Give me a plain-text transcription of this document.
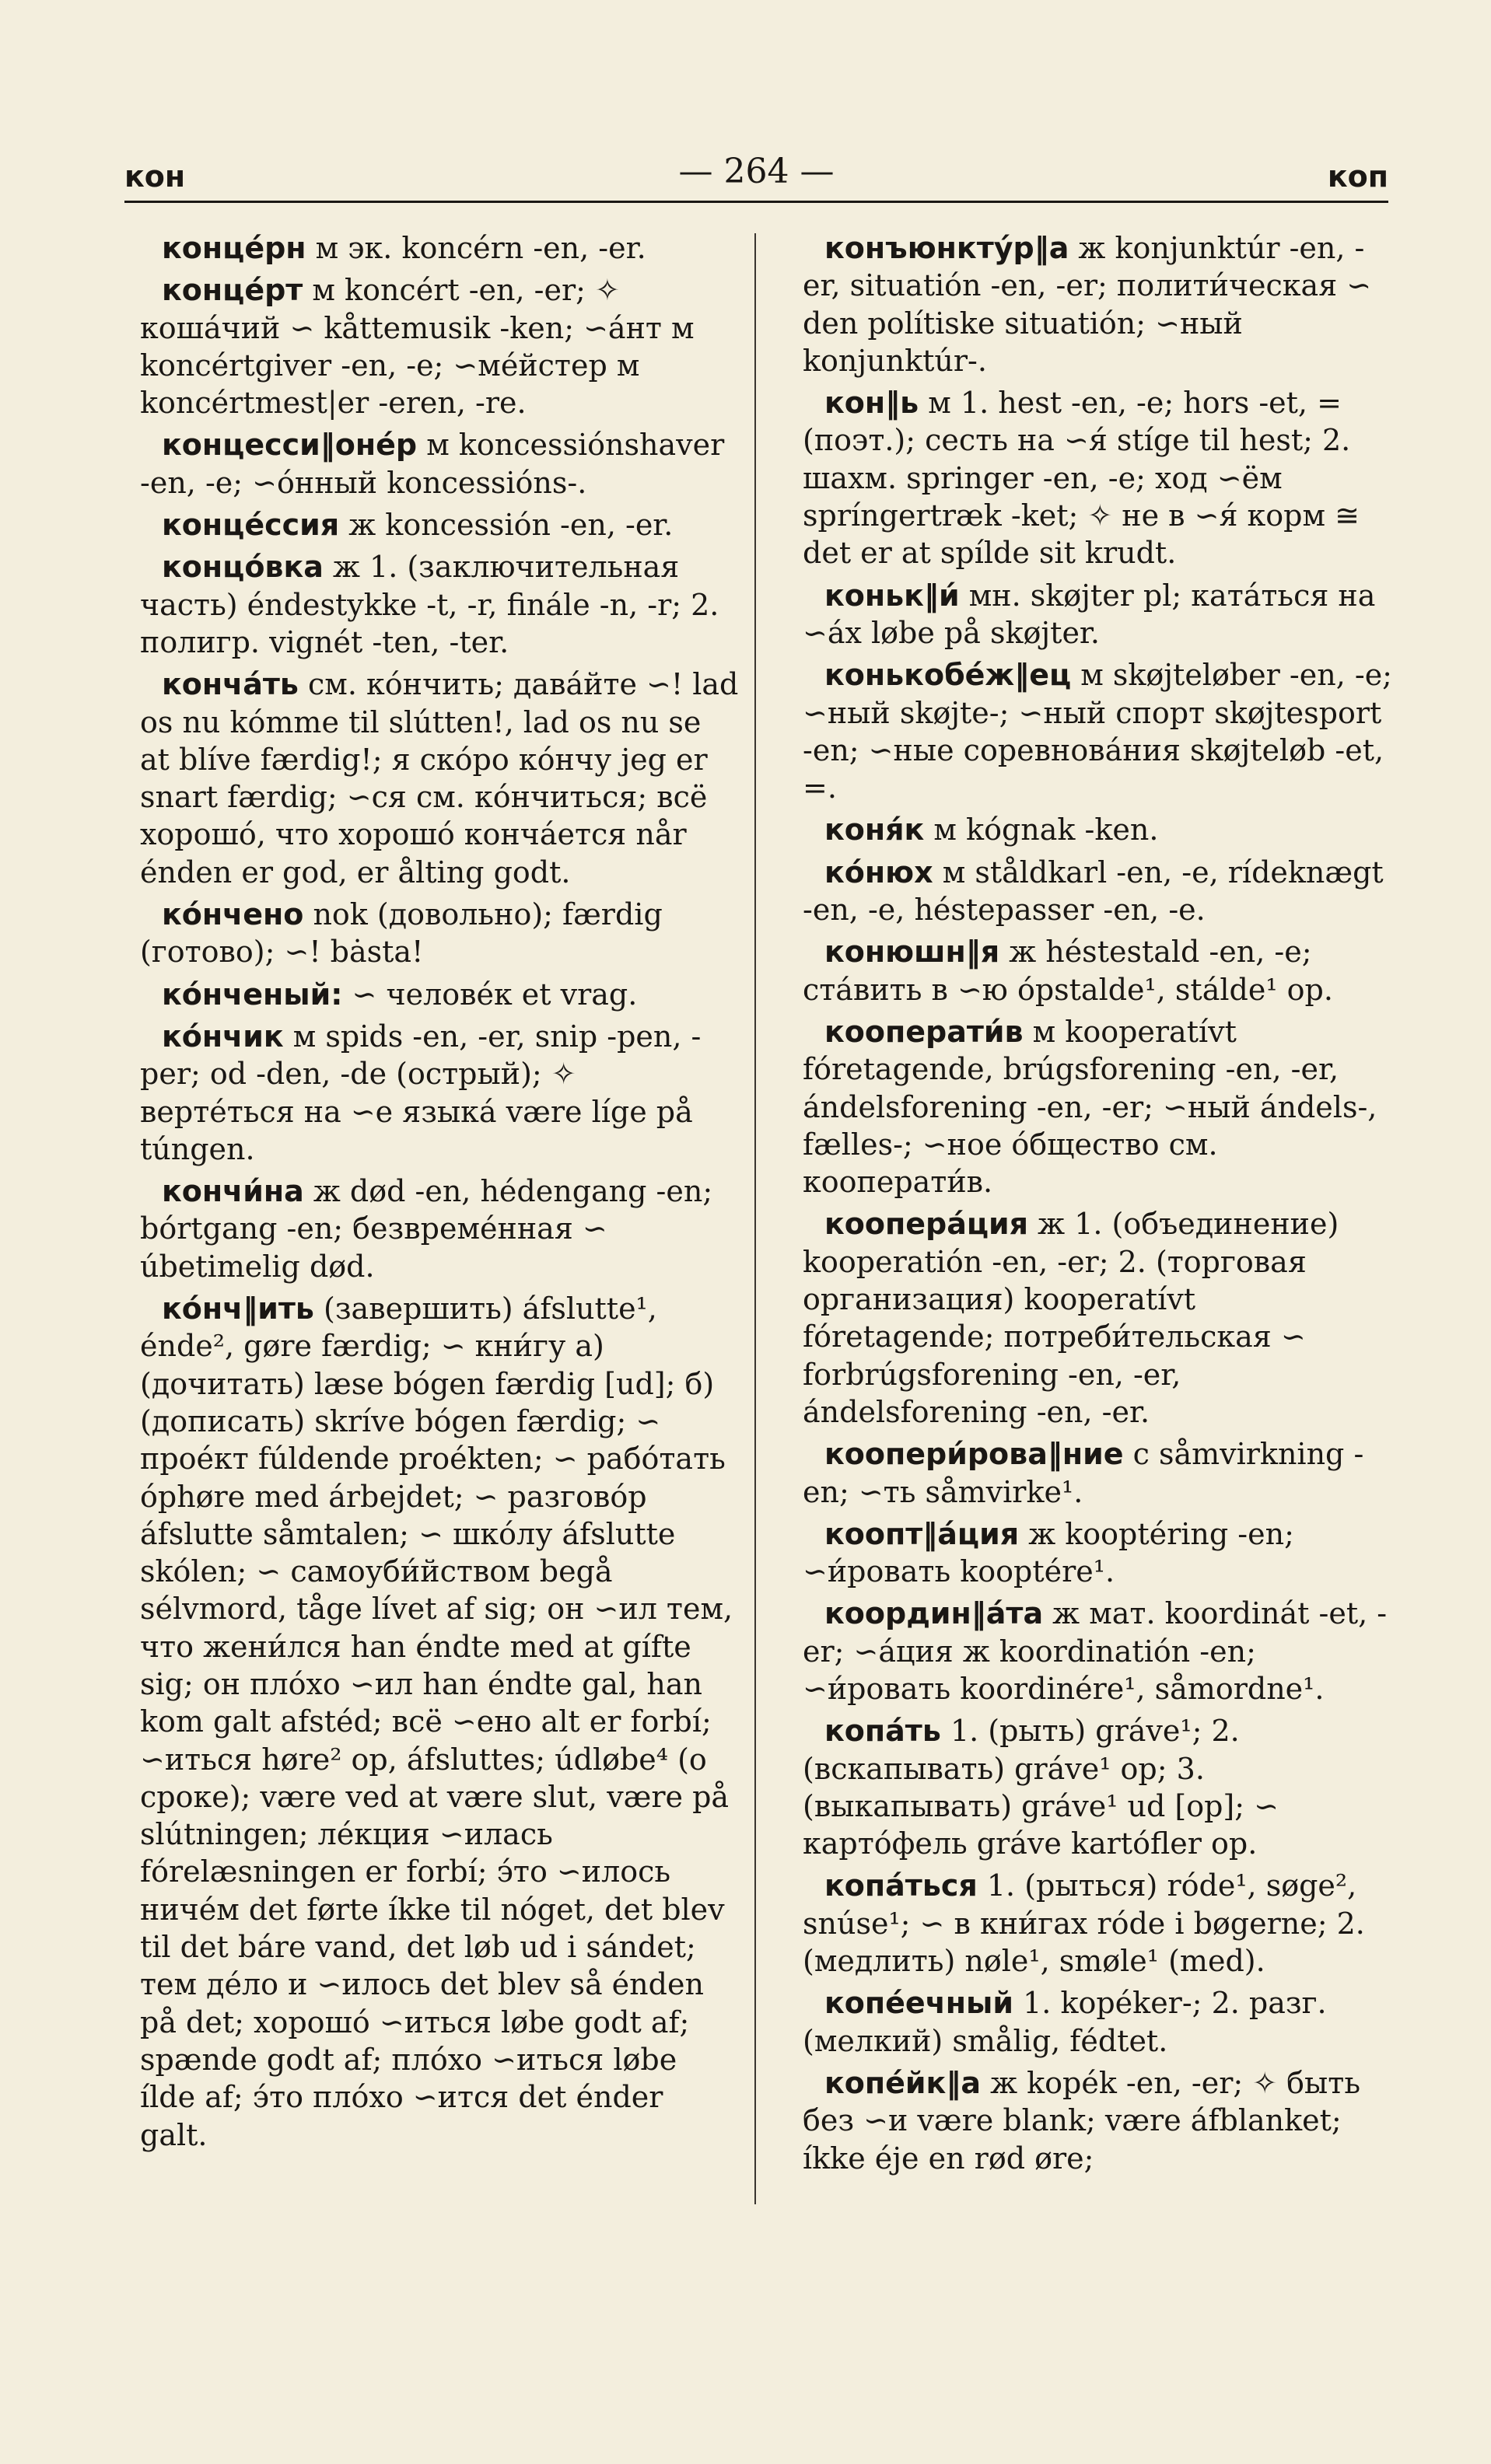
кон	— 264 —	коп

концéрн м эк. koncérn -en, -er.

концéрт м koncért -en, -er; ✧ кошáчий ∽ kåttemusik -ken; ∽áнт м koncértgiver -en, -e; ∽мéйстер м koncértmest|er -eren, -re.

концесси‖онéр м koncessiónshaver -en, -e; ∽óнный koncessións-.

концéссия ж koncessión -en, -er.

концóвка ж 1. (заключительная часть) éndestykke -t, -r, finále -n, -r; 2. полигр. vignét -ten, -ter.

кончáть см. кóнчить; давáйте ∽! lad os nu kómme til slútten!, lad os nu se at blíve færdig!; я скóро кóнчу jeg er snart færdig; ∽ся см. кóнчиться; всё хорошó, что хорошó кончáется når énden er god, er ålting godt.

кóнчено nok (довольно); færdig (готово); ∽! bȧsta!

кóнченый: ∽ человéк et vrag.

кóнчик м spids -en, -er, snip -pen, -per; od -den, -de (острый); ✧ вертéться на ∽е языкá være líge på túngen.

кончи́на ж død -en, hédengang -en; bórtgang -en; безвремéнная ∽ úbetimelig død.

кóнч‖ить (завершить) áfslutte¹, énde², gøre færdig; ∽ кни́гу a) (дочитать) læse bógen færdig [ud]; б) (дописать) skríve bógen færdig; ∽ проéкт fúldende proékten; ∽ рабóтать óphøre med árbejdet; ∽ разговóр áfslutte såmtalen; ∽ шкóлу áfslutte skólen; ∽ самоуби́йством begå sélvmord, tåge lívet af sig; он ∽ил тем, что жени́лся han éndte med at gífte sig; он плóхо ∽ил han éndte gal, han kom galt afstéd; всё ∽ено alt er forbí; ∽иться høre² op, áfsluttes; údløbe⁴ (о сроке); være ved at være slut, være på slútningen; лéкция ∽илась fórelæsningen er forbí; э́то ∽илось ничéм det førte íkke til nóget, det blev til det báre vand, det løb ud i sándet; тем дéло и ∽илось det blev så énden på det; хорошó ∽иться løbe godt af; spænde godt af; плóхо ∽иться løbe ílde af; э́то плóхо ∽ится det énder galt.

конъюнктýр‖а ж konjunktúr -en, -er, situatión -en, -er; полити́ческая ∽ den polítiske situatión; ∽ный konjunktúr-.

кон‖ь м 1. hest -en, -e; hors -et, = (поэт.); сесть на ∽я́ stíge til hest; 2. шахм. springer -en, -e; ход ∽ём spríngertræk -ket; ✧ не в ∽я́ корм ≅ det er at spílde sit krudt.

коньк‖и́ мн. skøjter pl; катáться на ∽áх løbe på skøjter.

конькобéж‖ец м skøjteløber -en, -e; ∽ный skøjte-; ∽ный спорт skøjtesport -en; ∽ные соревновáния skøjteløb -et, =.

коня́к м kógnak -ken.

кóнюх м ståldkarl -en, -e, rídeknægt -en, -e, héstepasser -en, -e.

конюшн‖я ж héstestald -en, -e; стáвить в ∽ю ópstalde¹, stálde¹ op.

кооперати́в м kooperatívt fóretagende, brúgsforening -en, -er, ándelsforening -en, -er; ∽ный ándels-, fælles-; ∽ное óбщество см. кооперати́в.

коопeрáция ж 1. (объединение) kooperatión -en, -er; 2. (торговая организация) kooperatívt fóretagende; потреби́тельская ∽ forbrúgsforening -en, -er, ándelsforening -en, -er.

коопери́рова‖ние с såmvirkning -en; ∽ть såmvirke¹.

коопт‖áция ж kooptéring -en; ∽и́ровать kooptére¹.

координ‖áта ж мат. koordinát -et, -er; ∽áция ж koordinatión -en; ∽и́ровать koordinére¹, såmordne¹.

копáть 1. (рыть) gráve¹; 2. (вскапывать) gráve¹ op; 3. (выкапывать) gráve¹ ud [op]; ∽ картóфель gráve kartófler op.

копáться 1. (рыться) róde¹, søge², snúse¹; ∽ в кни́гах róde i bøgerne; 2. (медлить) nøle¹, smøle¹ (med).

копéечный 1. kopéker-; 2. разг. (мелкий) smålig, fédtet.

копéйк‖а ж kopék -en, -er; ✧ быть без ∽и være blank; være áfblanket; íkke éje en rød øre;
